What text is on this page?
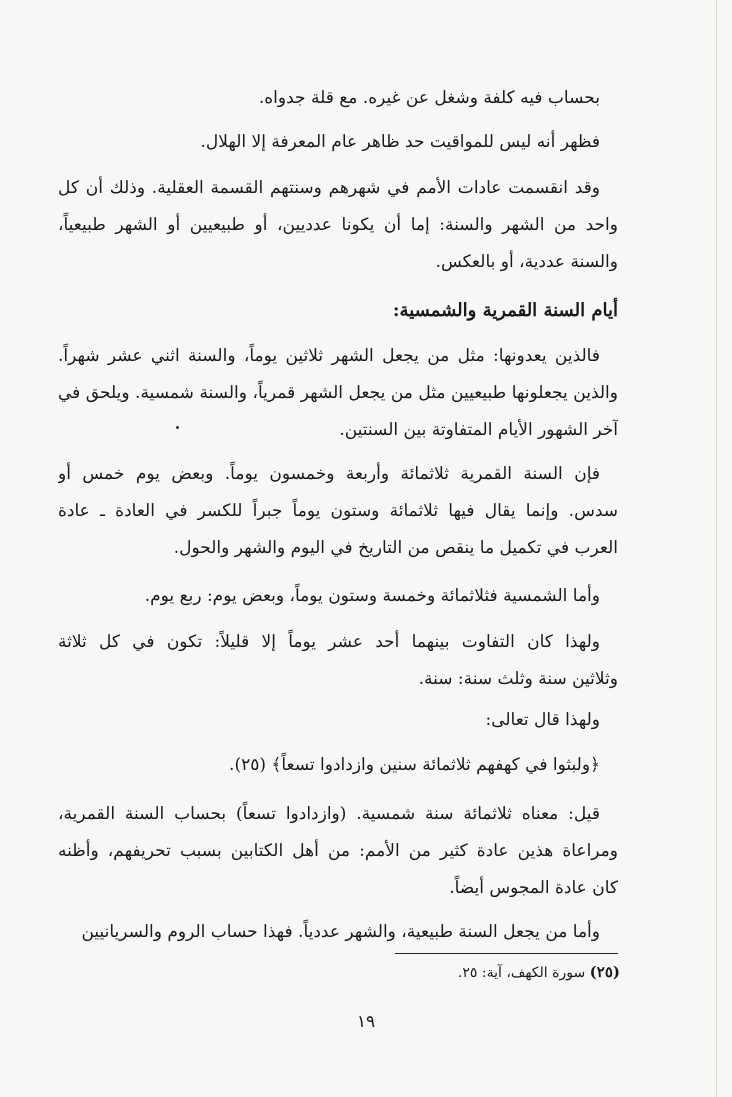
بحساب فيه كلفة وشغل عن غيره. مع قلة جدواه.
فظهر أنه ليس للمواقيت حد ظاهر عام المعرفة إلا الهلال.
وقد انقسمت عادات الأمم في شهرهم وسنتهم القسمة العقلية. وذلك أن كل
واحد من الشهر والسنة: إما أن يكونا عدديين، أو طبيعيين أو الشهر طبيعياً،
والسنة عددية، أو بالعكس.
أيام السنة القمرية والشمسية:
فالذين يعدونها: مثل من يجعل الشهر ثلاثين يوماً، والسنة اثني عشر شهراً.
والذين يجعلونها طبيعيين مثل من يجعل الشهر قمرياً، والسنة شمسية. ويلحق في
آخر الشهور الأيام المتفاوتة بين السنتين.
فإن السنة القمرية ثلاثمائة وأربعة وخمسون يوماً. وبعض يوم خمس أو
سدس. وإنما يقال فيها ثلاثمائة وستون يوماً جبراً للكسر في العادة ـ عادة
العرب في تكميل ما ينقص من التاريخ في اليوم والشهر والحول.
وأما الشمسية فثلاثمائة وخمسة وستون يوماً، وبعض يوم: ربع يوم.
ولهذا كان التفاوت بينهما أحد عشر يوماً إلا قليلاً: تكون في كل ثلاثة
وثلاثين سنة وثلث سنة: سنة.
ولهذا قال تعالى:
﴿ولبثوا في كهفهم ثلاثمائة سنين وازدادوا تسعاً﴾ (٢٥).
قيل: معناه ثلاثمائة سنة شمسية. (وازدادوا تسعاً) بحساب السنة القمرية،
ومراعاة هذين عادة كثير من الأمم: من أهل الكتابين بسبب تحريفهم، وأظنه
كان عادة المجوس أيضاً.
وأما من يجعل السنة طبيعية، والشهر عددياً. فهذا حساب الروم والسريانيين
(٢٥) سورة الكهف، آية: ٢٥.
١٩
